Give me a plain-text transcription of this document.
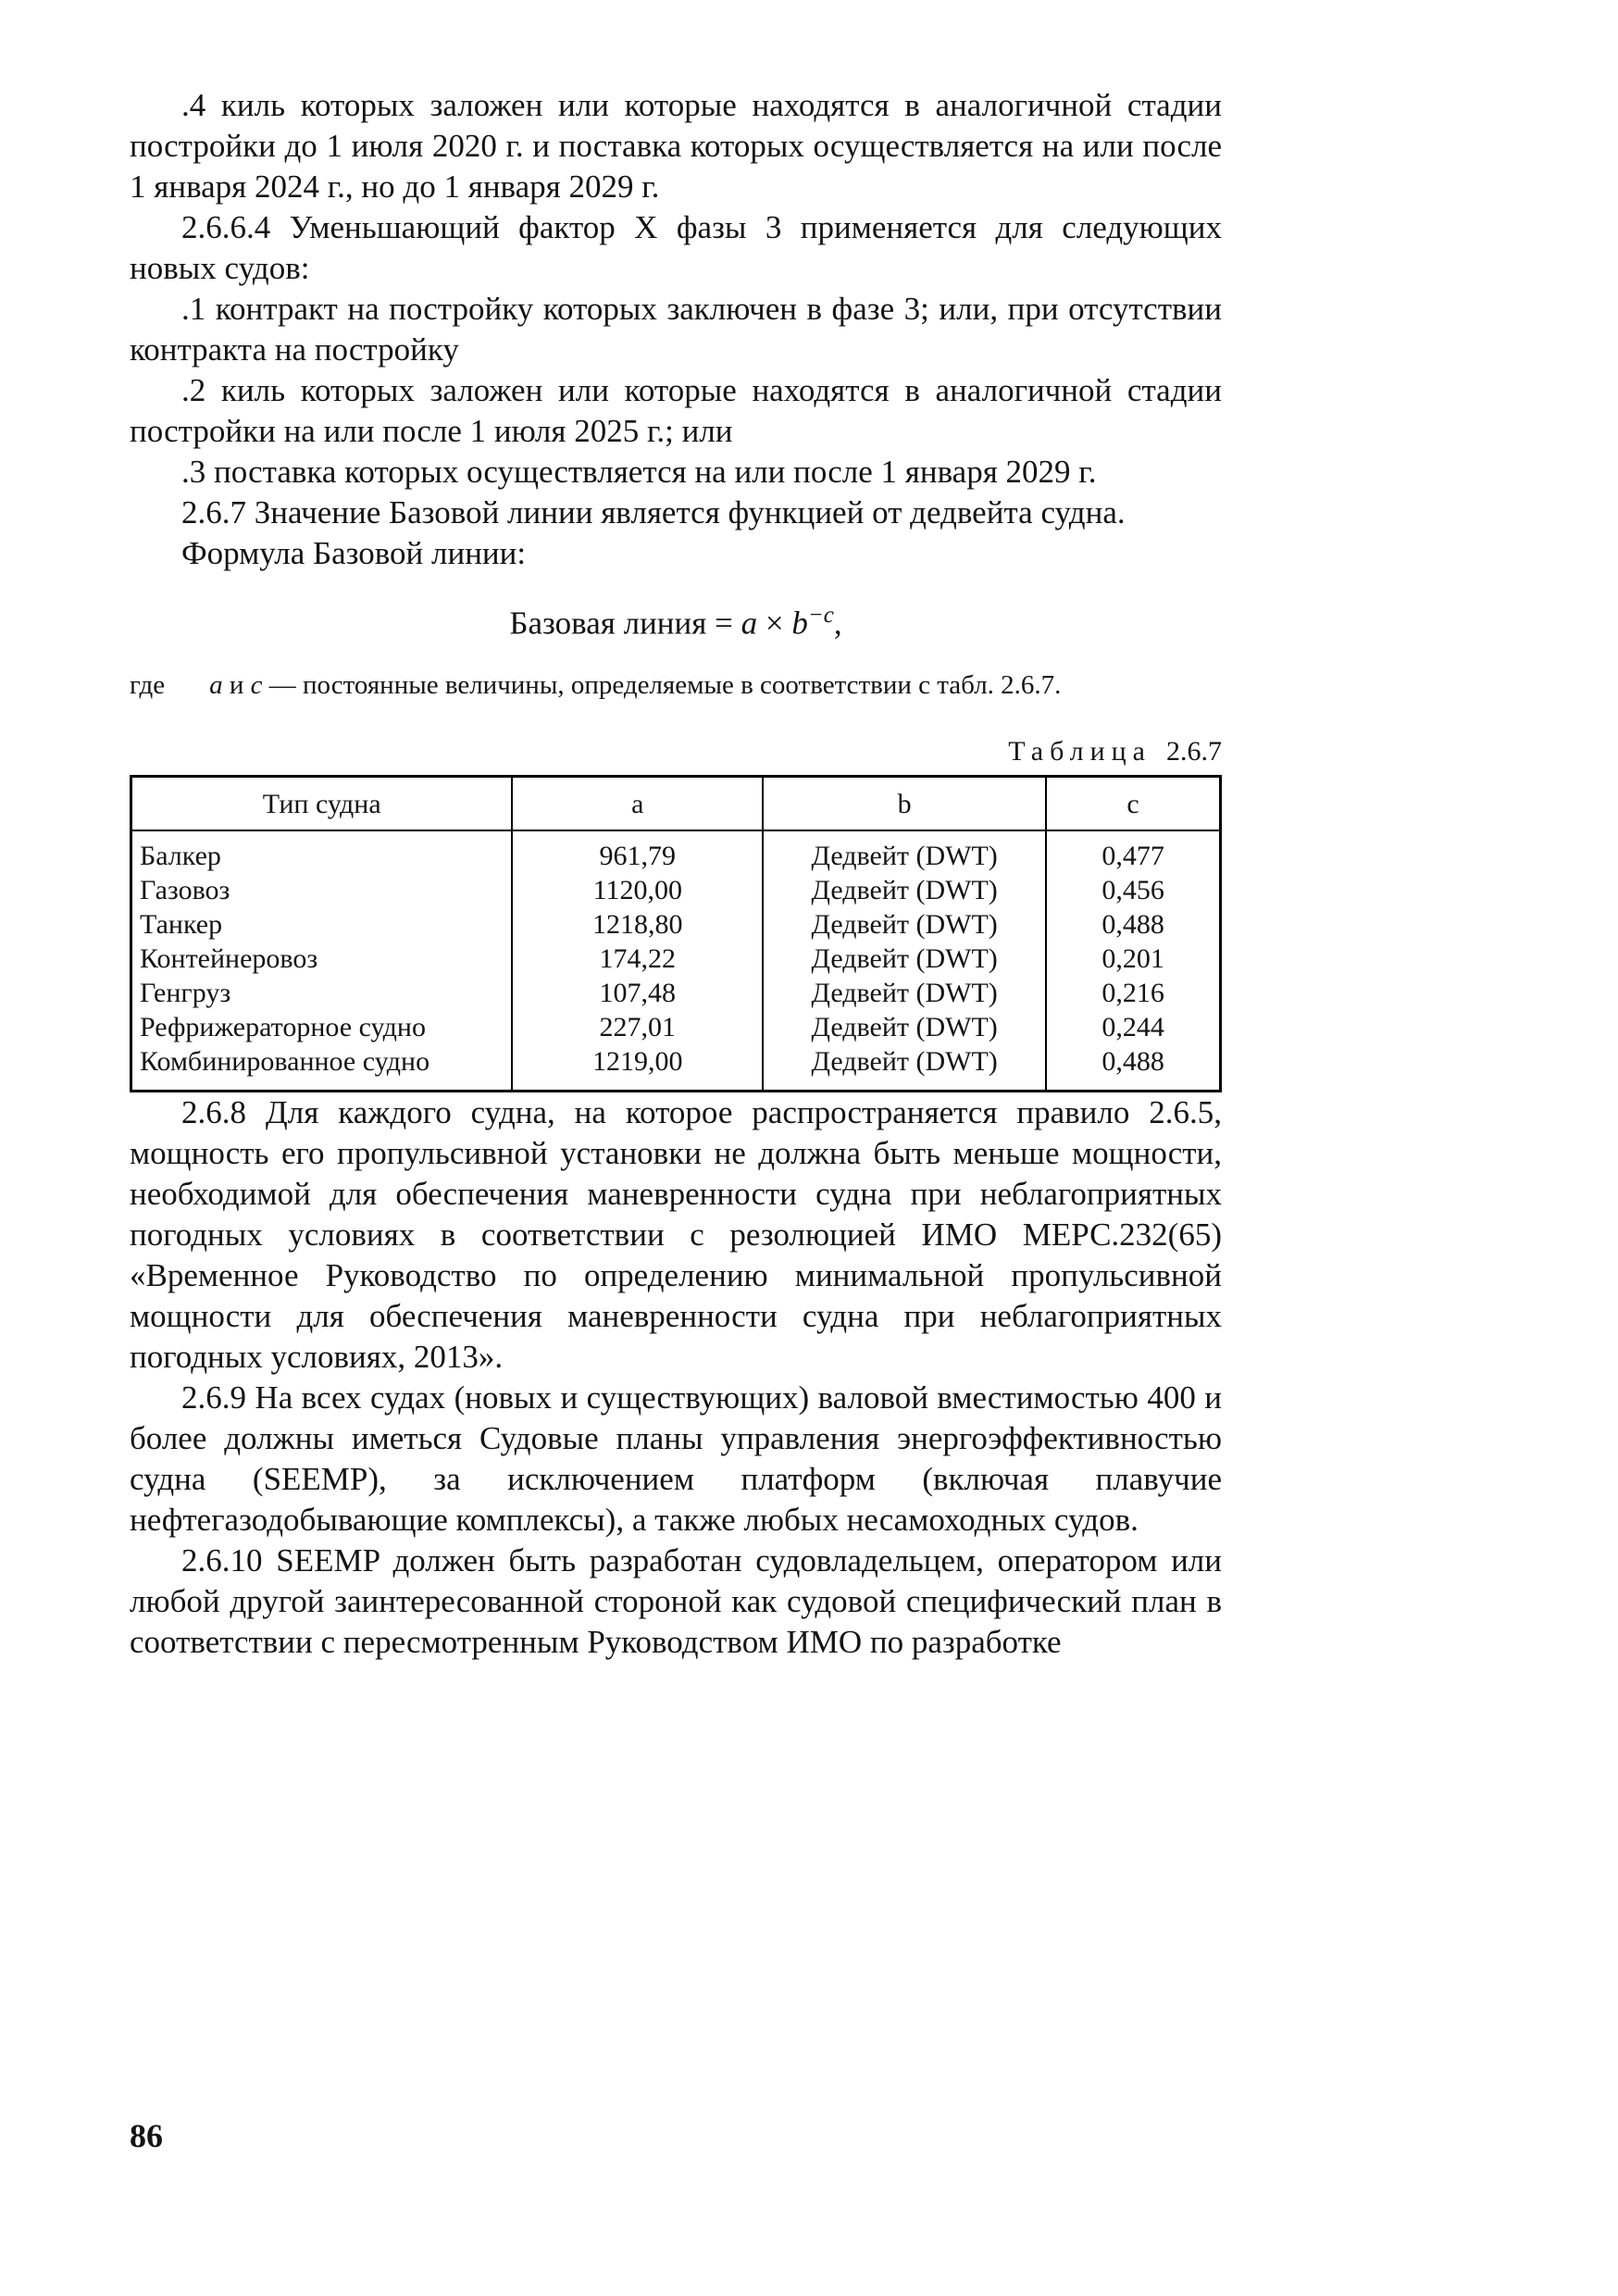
.4 киль которых заложен или которые находятся в аналогичной стадии постройки до 1 июля 2020 г. и поставка которых осуществляется на или после 1 января 2024 г., но до 1 января 2029 г.

2.6.6.4 Уменьшающий фактор X фазы 3 применяется для следующих новых судов:

.1 контракт на постройку которых заключен в фазе 3; или, при отсутствии контракта на постройку

.2 киль которых заложен или которые находятся в аналогичной стадии постройки на или после 1 июля 2025 г.; или

.3 поставка которых осуществляется на или после 1 января 2029 г.

2.6.7 Значение Базовой линии является функцией от дедвейта судна.

Формула Базовой линии:

Базовая линия = $a \times b^{-c}$,

где a и c — постоянные величины, определяемые в соответствии с табл. 2.6.7.

Таблица 2.6.7
Тип судна	a	b	c
Балкер	961,79	Дедвейт (DWT)	0,477
Газовоз	1120,00	Дедвейт (DWT)	0,456
Танкер	1218,80	Дедвейт (DWT)	0,488
Контейнеровоз	174,22	Дедвейт (DWT)	0,201
Генгруз	107,48	Дедвейт (DWT)	0,216
Рефрижераторное судно	227,01	Дедвейт (DWT)	0,244
Комбинированное судно	1219,00	Дедвейт (DWT)	0,488

2.6.8 Для каждого судна, на которое распространяется правило 2.6.5, мощность его пропульсивной установки не должна быть меньше мощности, необходимой для обеспечения маневренности судна при неблагоприятных погодных условиях в соответствии с резолюцией ИМО МЕРС.232(65) «Временное Руководство по определению минимальной пропульсивной мощности для обеспечения маневренности судна при неблагоприятных погодных условиях, 2013».

2.6.9 На всех судах (новых и существующих) валовой вместимостью 400 и более должны иметься Судовые планы управления энергоэффективностью судна (SEEMP), за исключением платформ (включая плавучие нефтегазодобывающие комплексы), а также любых несамоходных судов.

2.6.10 SEEMP должен быть разработан судовладельцем, оператором или любой другой заинтересованной стороной как судовой специфический план в соответствии с пересмотренным Руководством ИМО по разработке

86
